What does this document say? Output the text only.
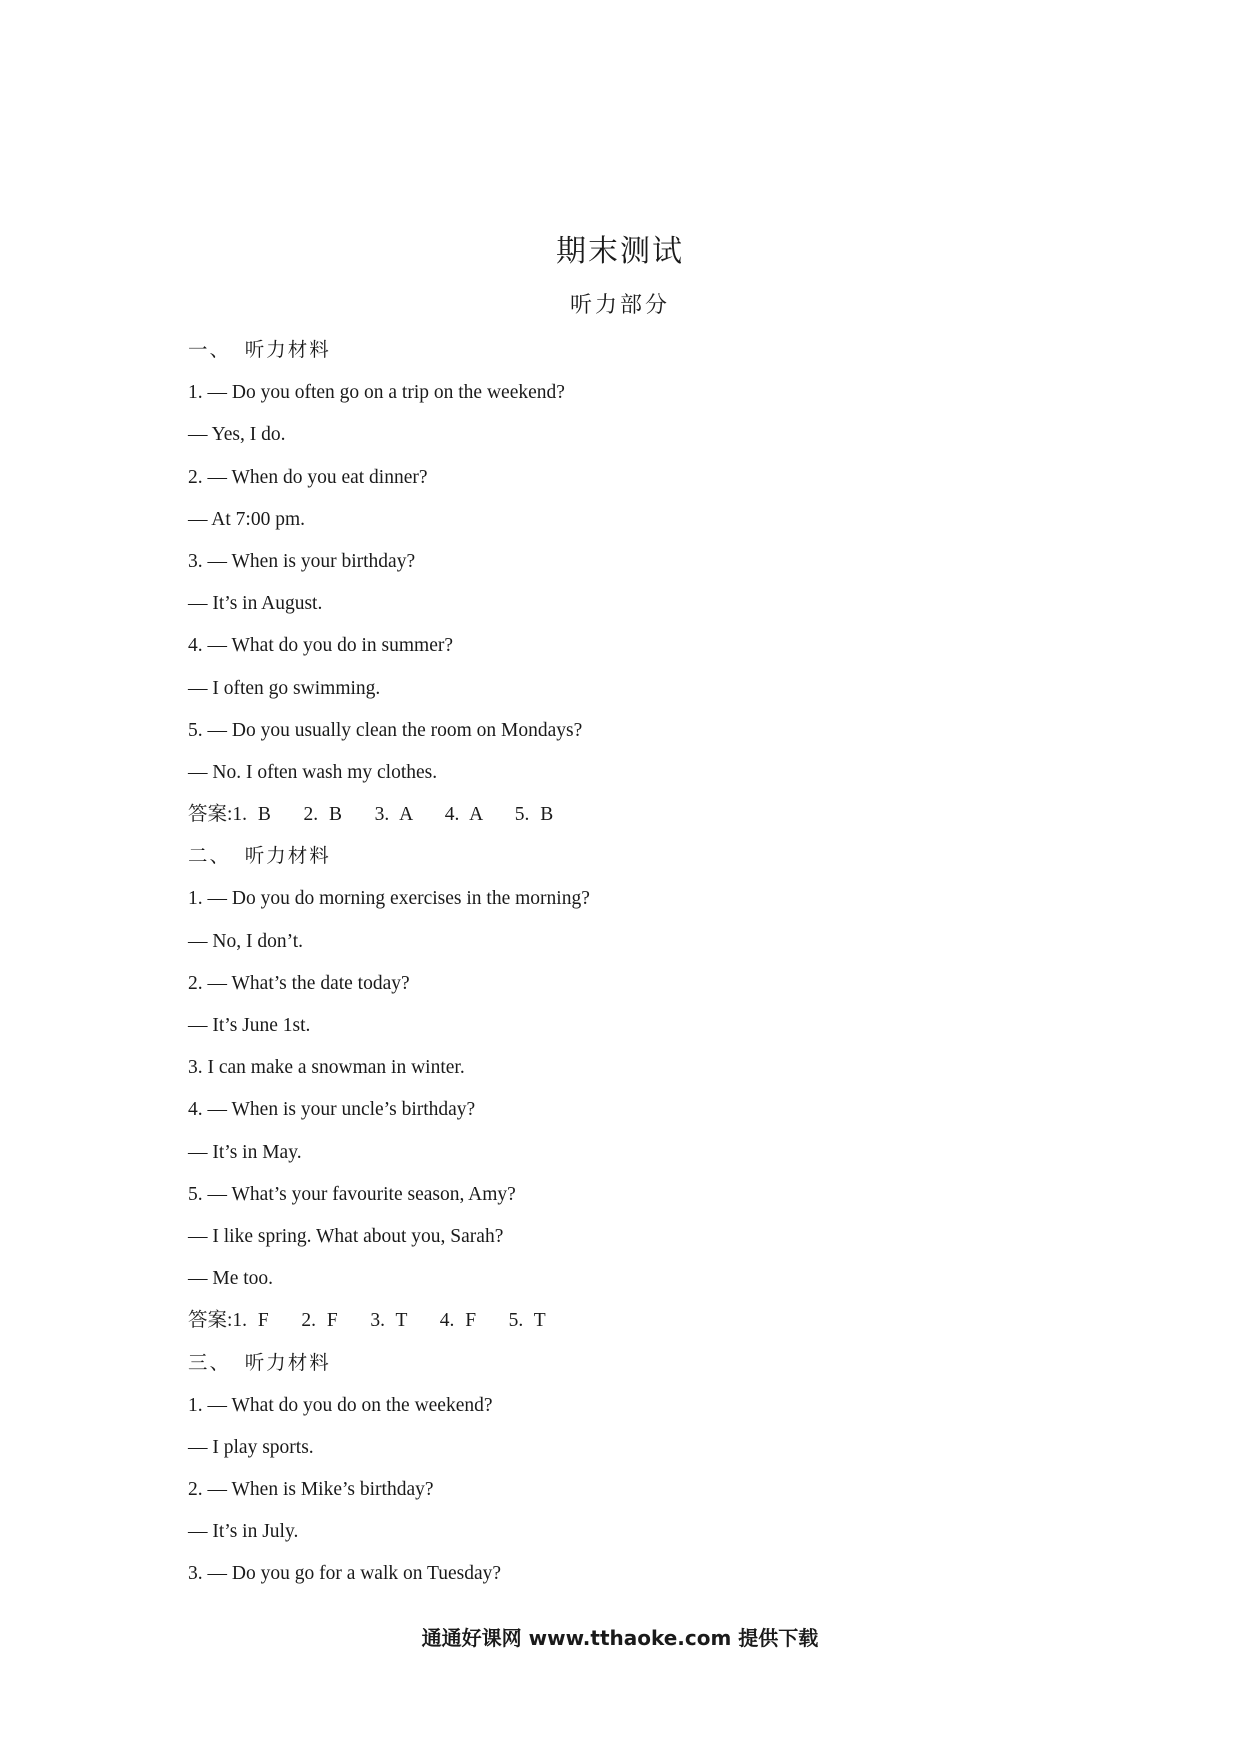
期末测试
听力部分
一、  听力材料
1. — Do you often go on a trip on the weekend?
— Yes, I do.
2. — When do you eat dinner?
— At 7:00 pm.
3. — When is your birthday?
— It’s in August.
4. — What do you do in summer?
— I often go swimming.
5. — Do you usually clean the room on Mondays?
— No. I often wash my clothes.
答案:1. B   2. B   3. A   4. A   5. B
二、  听力材料
1. — Do you do morning exercises in the morning?
— No, I don’t.
2. — What’s the date today?
— It’s June 1st.
3. I can make a snowman in winter.
4. — When is your uncle’s birthday?
— It’s in May.
5. — What’s your favourite season, Amy?
— I like spring. What about you, Sarah?
— Me too.
答案:1. F   2. F   3. T   4. F   5. T
三、  听力材料
1. — What do you do on the weekend?
— I play sports.
2. — When is Mike’s birthday?
— It’s in July.
3. — Do you go for a walk on Tuesday?
通通好课网 www.tthaoke.com 提供下载
